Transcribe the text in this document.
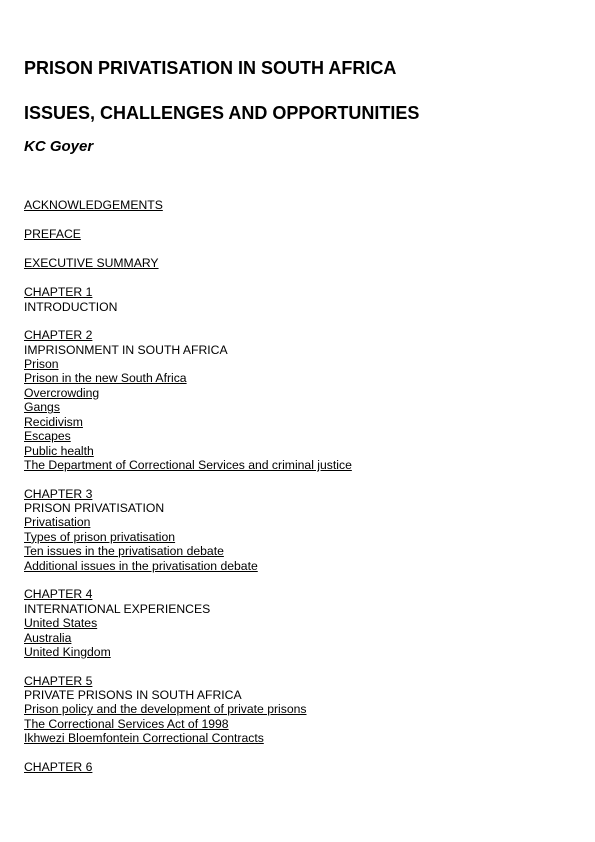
PRISON PRIVATISATION IN SOUTH AFRICA
ISSUES, CHALLENGES AND OPPORTUNITIES

KC Goyer

ACKNOWLEDGEMENTS
PREFACE
EXECUTIVE SUMMARY
CHAPTER 1
INTRODUCTION
CHAPTER 2
IMPRISONMENT IN SOUTH AFRICA
Prison
Prison in the new South Africa
Overcrowding
Gangs
Recidivism
Escapes
Public health
The Department of Correctional Services and criminal justice
CHAPTER 3
PRISON PRIVATISATION
Privatisation
Types of prison privatisation
Ten issues in the privatisation debate
Additional issues in the privatisation debate
CHAPTER 4
INTERNATIONAL EXPERIENCES
United States
Australia
United Kingdom
CHAPTER 5
PRIVATE PRISONS IN SOUTH AFRICA
Prison policy and the development of private prisons
The Correctional Services Act of 1998
Ikhwezi Bloemfontein Correctional Contracts
CHAPTER 6
